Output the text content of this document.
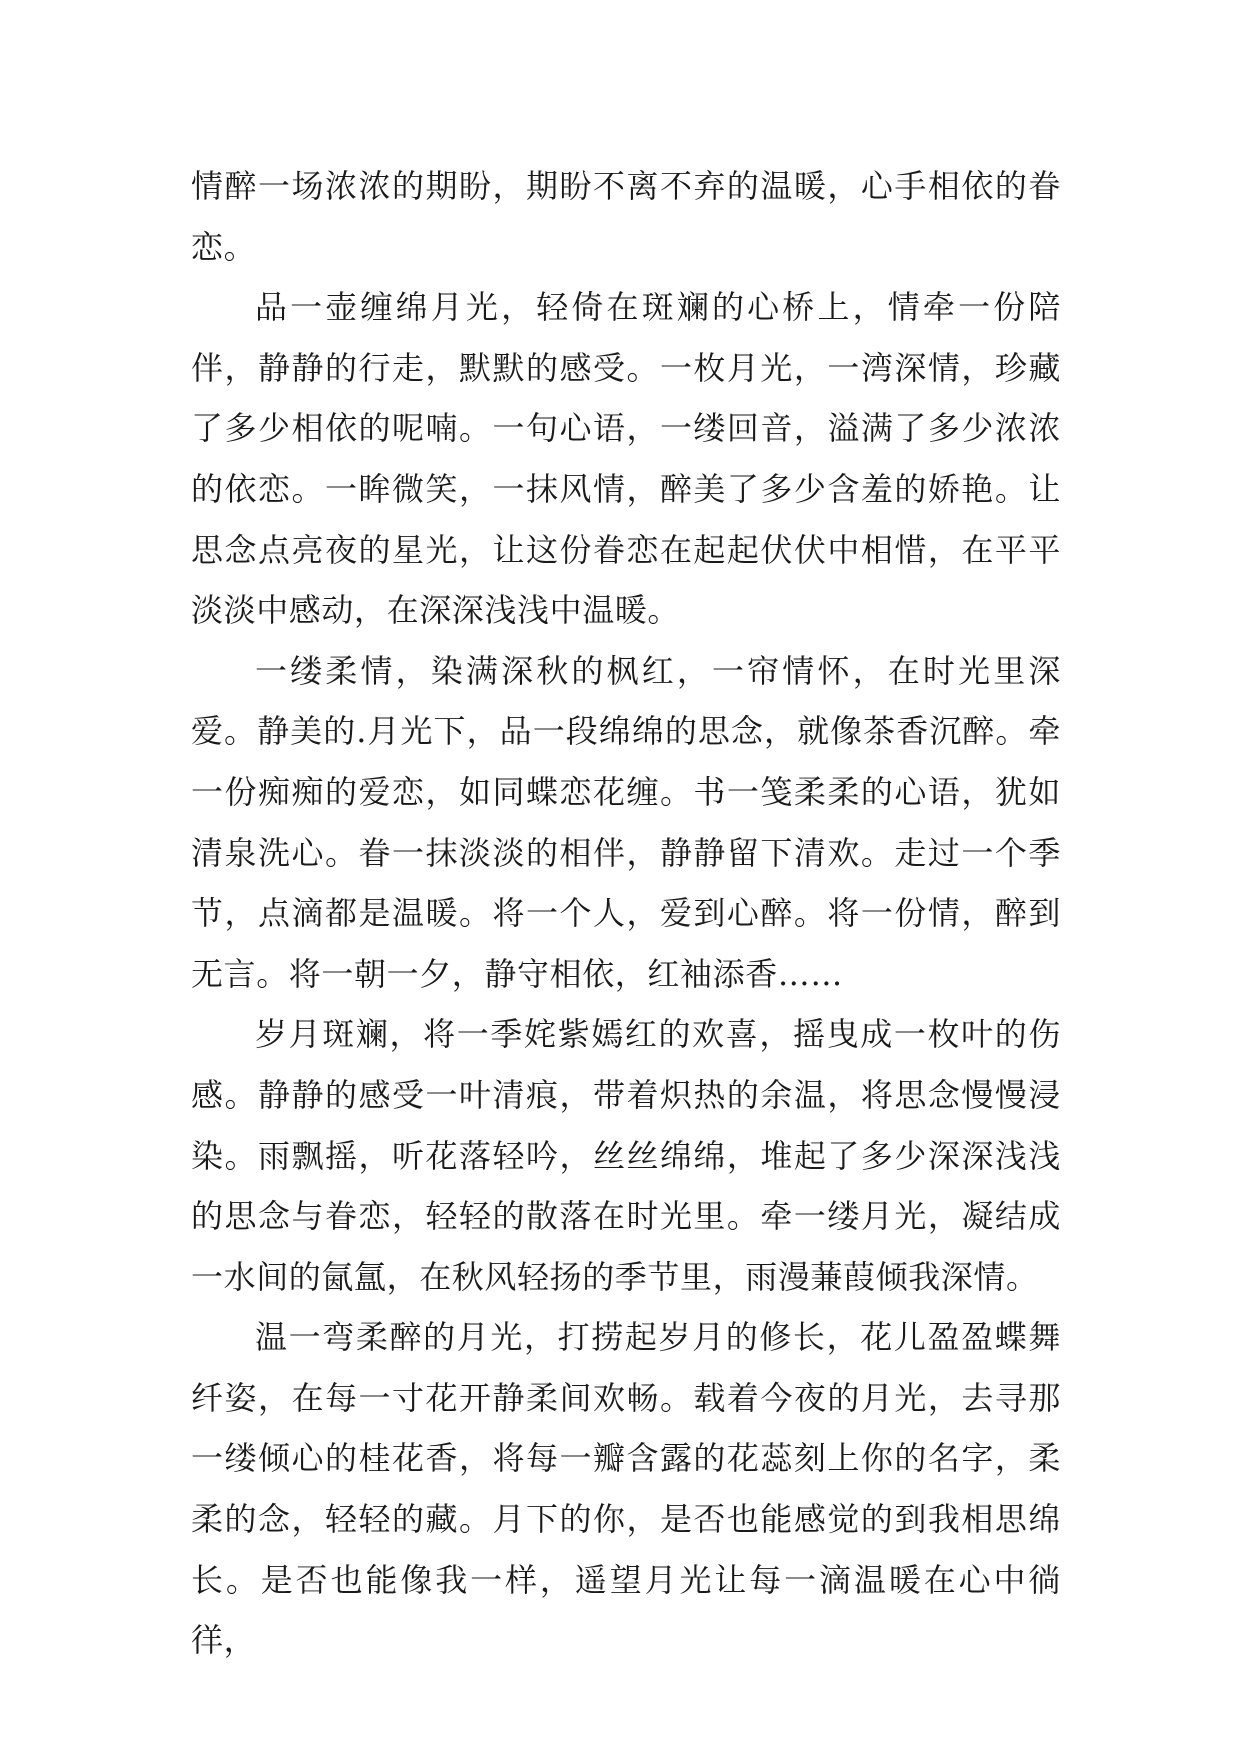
情醉一场浓浓的期盼，期盼不离不弃的温暖，心手相依的眷恋。

品一壶缠绵月光，轻倚在斑斓的心桥上，情牵一份陪伴，静静的行走，默默的感受。一枚月光，一湾深情，珍藏了多少相依的呢喃。一句心语，一缕回音，溢满了多少浓浓的依恋。一眸微笑，一抹风情，醉美了多少含羞的娇艳。让思念点亮夜的星光，让这份眷恋在起起伏伏中相惜，在平平淡淡中感动，在深深浅浅中温暖。

一缕柔情，染满深秋的枫红，一帘情怀，在时光里深爱。静美的.月光下，品一段绵绵的思念，就像茶香沉醉。牵一份痴痴的爱恋，如同蝶恋花缠。书一笺柔柔的心语，犹如清泉洗心。眷一抹淡淡的相伴，静静留下清欢。走过一个季节，点滴都是温暖。将一个人，爱到心醉。将一份情，醉到无言。将一朝一夕，静守相依，红袖添香……

岁月斑斓，将一季姹紫嫣红的欢喜，摇曳成一枚叶的伤感。静静的感受一叶清痕，带着炽热的余温，将思念慢慢浸染。雨飘摇，听花落轻吟，丝丝绵绵，堆起了多少深深浅浅的思念与眷恋，轻轻的散落在时光里。牵一缕月光，凝结成一水间的氤氲，在秋风轻扬的季节里，雨漫蒹葭倾我深情。

温一弯柔醉的月光，打捞起岁月的修长，花儿盈盈蝶舞纤姿，在每一寸花开静柔间欢畅。载着今夜的月光，去寻那一缕倾心的桂花香，将每一瓣含露的花蕊刻上你的名字，柔柔的念，轻轻的藏。月下的你，是否也能感觉的到我相思绵长。是否也能像我一样，遥望月光让每一滴温暖在心中徜徉，
